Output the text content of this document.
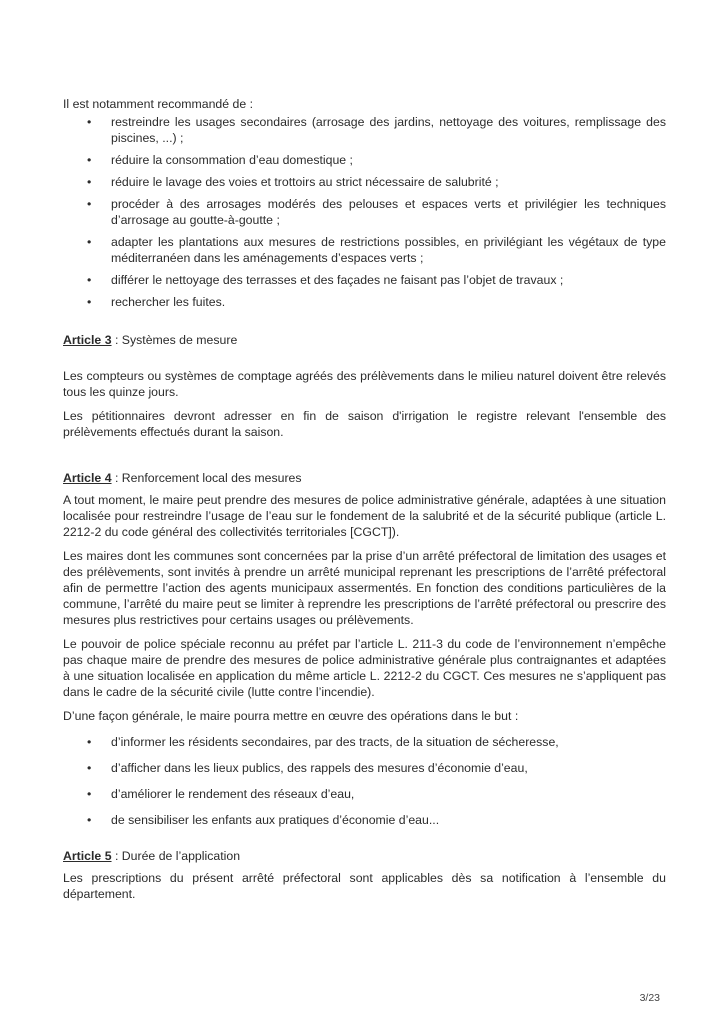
Il est notamment recommandé de :

• restreindre les usages secondaires (arrosage des jardins, nettoyage des voitures, remplissage des piscines, ...) ;
• réduire la consommation d’eau domestique ;
• réduire le lavage des voies et trottoirs au strict nécessaire de salubrité ;
• procéder à des arrosages modérés des pelouses et espaces verts et privilégier les techniques d’arrosage au goutte-à-goutte ;
• adapter les plantations aux mesures de restrictions possibles, en privilégiant les végétaux de type méditerranéen dans les aménagements d’espaces verts ;
• différer le nettoyage des terrasses et des façades ne faisant pas l’objet de travaux ;
• rechercher les fuites.

Article 3 : Systèmes de mesure

Les compteurs ou systèmes de comptage agréés des prélèvements dans le milieu naturel doivent être relevés tous les quinze jours.

Les pétitionnaires devront adresser en fin de saison d'irrigation le registre relevant l'ensemble des prélèvements effectués durant la saison.

Article 4 : Renforcement local des mesures

A tout moment, le maire peut prendre des mesures de police administrative générale, adaptées à une situation localisée pour restreindre l’usage de l’eau sur le fondement de la salubrité et de la sécurité publique (article L. 2212-2 du code général des collectivités territoriales [CGCT]).

Les maires dont les communes sont concernées par la prise d’un arrêté préfectoral de limitation des usages et des prélèvements, sont invités à prendre un arrêté municipal reprenant les prescriptions de l’arrêté préfectoral afin de permettre l’action des agents municipaux assermentés. En fonction des conditions particulières de la commune, l’arrêté du maire peut se limiter à reprendre les prescriptions de l’arrêté préfectoral ou prescrire des mesures plus restrictives pour certains usages ou prélèvements.

Le pouvoir de police spéciale reconnu au préfet par l’article L. 211-3 du code de l’environnement n’empêche pas chaque maire de prendre des mesures de police administrative générale plus contraignantes et adaptées à une situation localisée en application du même article L. 2212-2 du CGCT. Ces mesures ne s’appliquent pas dans le cadre de la sécurité civile (lutte contre l’incendie).

D’une façon générale, le maire pourra mettre en œuvre des opérations dans le but :

• d’informer les résidents secondaires, par des tracts, de la situation de sécheresse,
• d’afficher dans les lieux publics, des rappels des mesures d’économie d’eau,
• d’améliorer le rendement des réseaux d’eau,
• de sensibiliser les enfants aux pratiques d’économie d’eau...

Article 5 : Durée de l’application

Les prescriptions du présent arrêté préfectoral sont applicables dès sa notification à l’ensemble du département.

3/23
